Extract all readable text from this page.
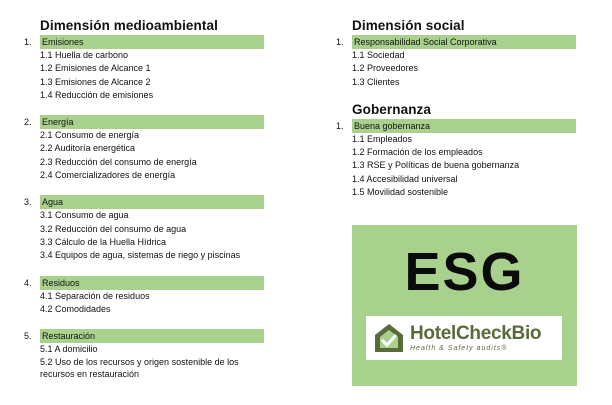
Dimensión medioambiental
1.	Emisiones
1.1 Huella de carbono
1.2 Emisiones de Alcance 1
1.3 Emisiones de Alcance 2
1.4 Reducción de emisiones
2.	Energía
2.1 Consumo de energía
2.2 Auditoría energética
2.3 Reducción del consumo de energía
2.4 Comercializadores de energía
3.	Agua
3.1 Consumo de agua
3.2 Reducción del consumo de agua
3.3 Cálculo de la Huella Hídrica
3.4 Equipos de agua, sistemas de riego y piscinas
4.	Residuos
4.1 Separación de residuos
4.2 Comodidades
5.	Restauración
5.1 A domicilio
5.2 Uso de los recursos y origen sostenible de los recursos en restauración
Dimensión social
1.	Responsabilidad Social Corporativa
1.1 Sociedad
1.2 Proveedores
1.3 Clientes
Gobernanza
1.	Buena gobernanza
1.1 Empleados
1.2 Formación de los empleados
1.3 RSE y Políticas de buena gobernanza
1.4 Accesibilidad universal
1.5 Movilidad sostenible
ESG
HotelCheckBio
Health & Safety audits®
